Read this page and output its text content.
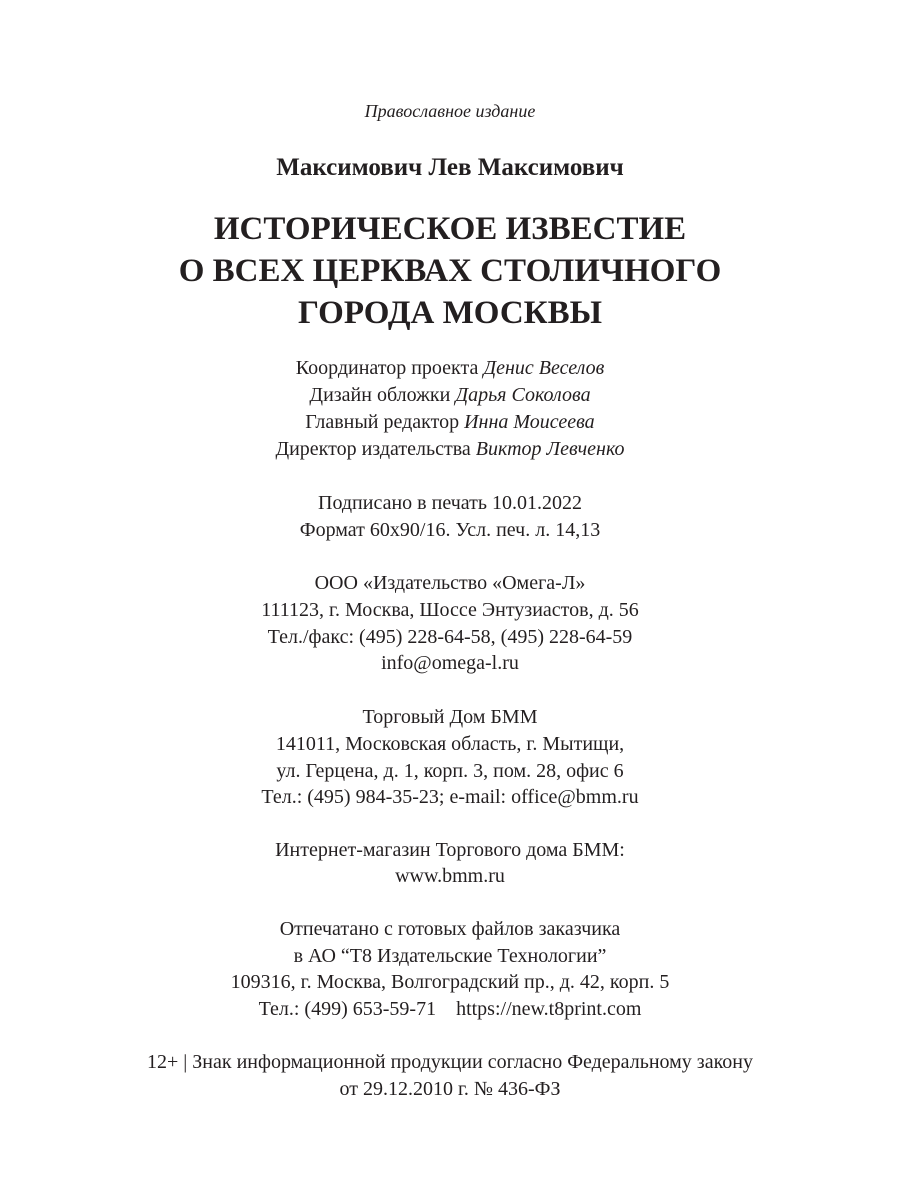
Православное издание
Максимович Лев Максимович
ИСТОРИЧЕСКОЕ ИЗВЕСТИЕ
О ВСЕХ ЦЕРКВАХ СТОЛИЧНОГО
ГОРОДА МОСКВЫ
Координатор проекта Денис Веселов
Дизайн обложки Дарья Соколова
Главный редактор Инна Моисеева
Директор издательства Виктор Левченко
Подписано в печать 10.01.2022
Формат 60x90/16. Усл. печ. л. 14,13
ООО «Издательство «Омега-Л»
111123, г. Москва, Шоссе Энтузиастов, д. 56
Тел./факс: (495) 228-64-58, (495) 228-64-59
info@omega-l.ru
Торговый Дом БММ
141011, Московская область, г. Мытищи,
ул. Герцена, д. 1, корп. 3, пом. 28, офис 6
Тел.: (495) 984-35-23; e-mail: office@bmm.ru
Интернет-магазин Торгового дома БММ:
www.bmm.ru
Отпечатано с готовых файлов заказчика
в АО “Т8 Издательские Технологии”
109316, г. Москва, Волгоградский пр., д. 42, корп. 5
Тел.: (499) 653-59-71    https://new.t8print.com
12+ | Знак информационной продукции согласно Федеральному закону
от 29.12.2010 г. № 436-ФЗ
